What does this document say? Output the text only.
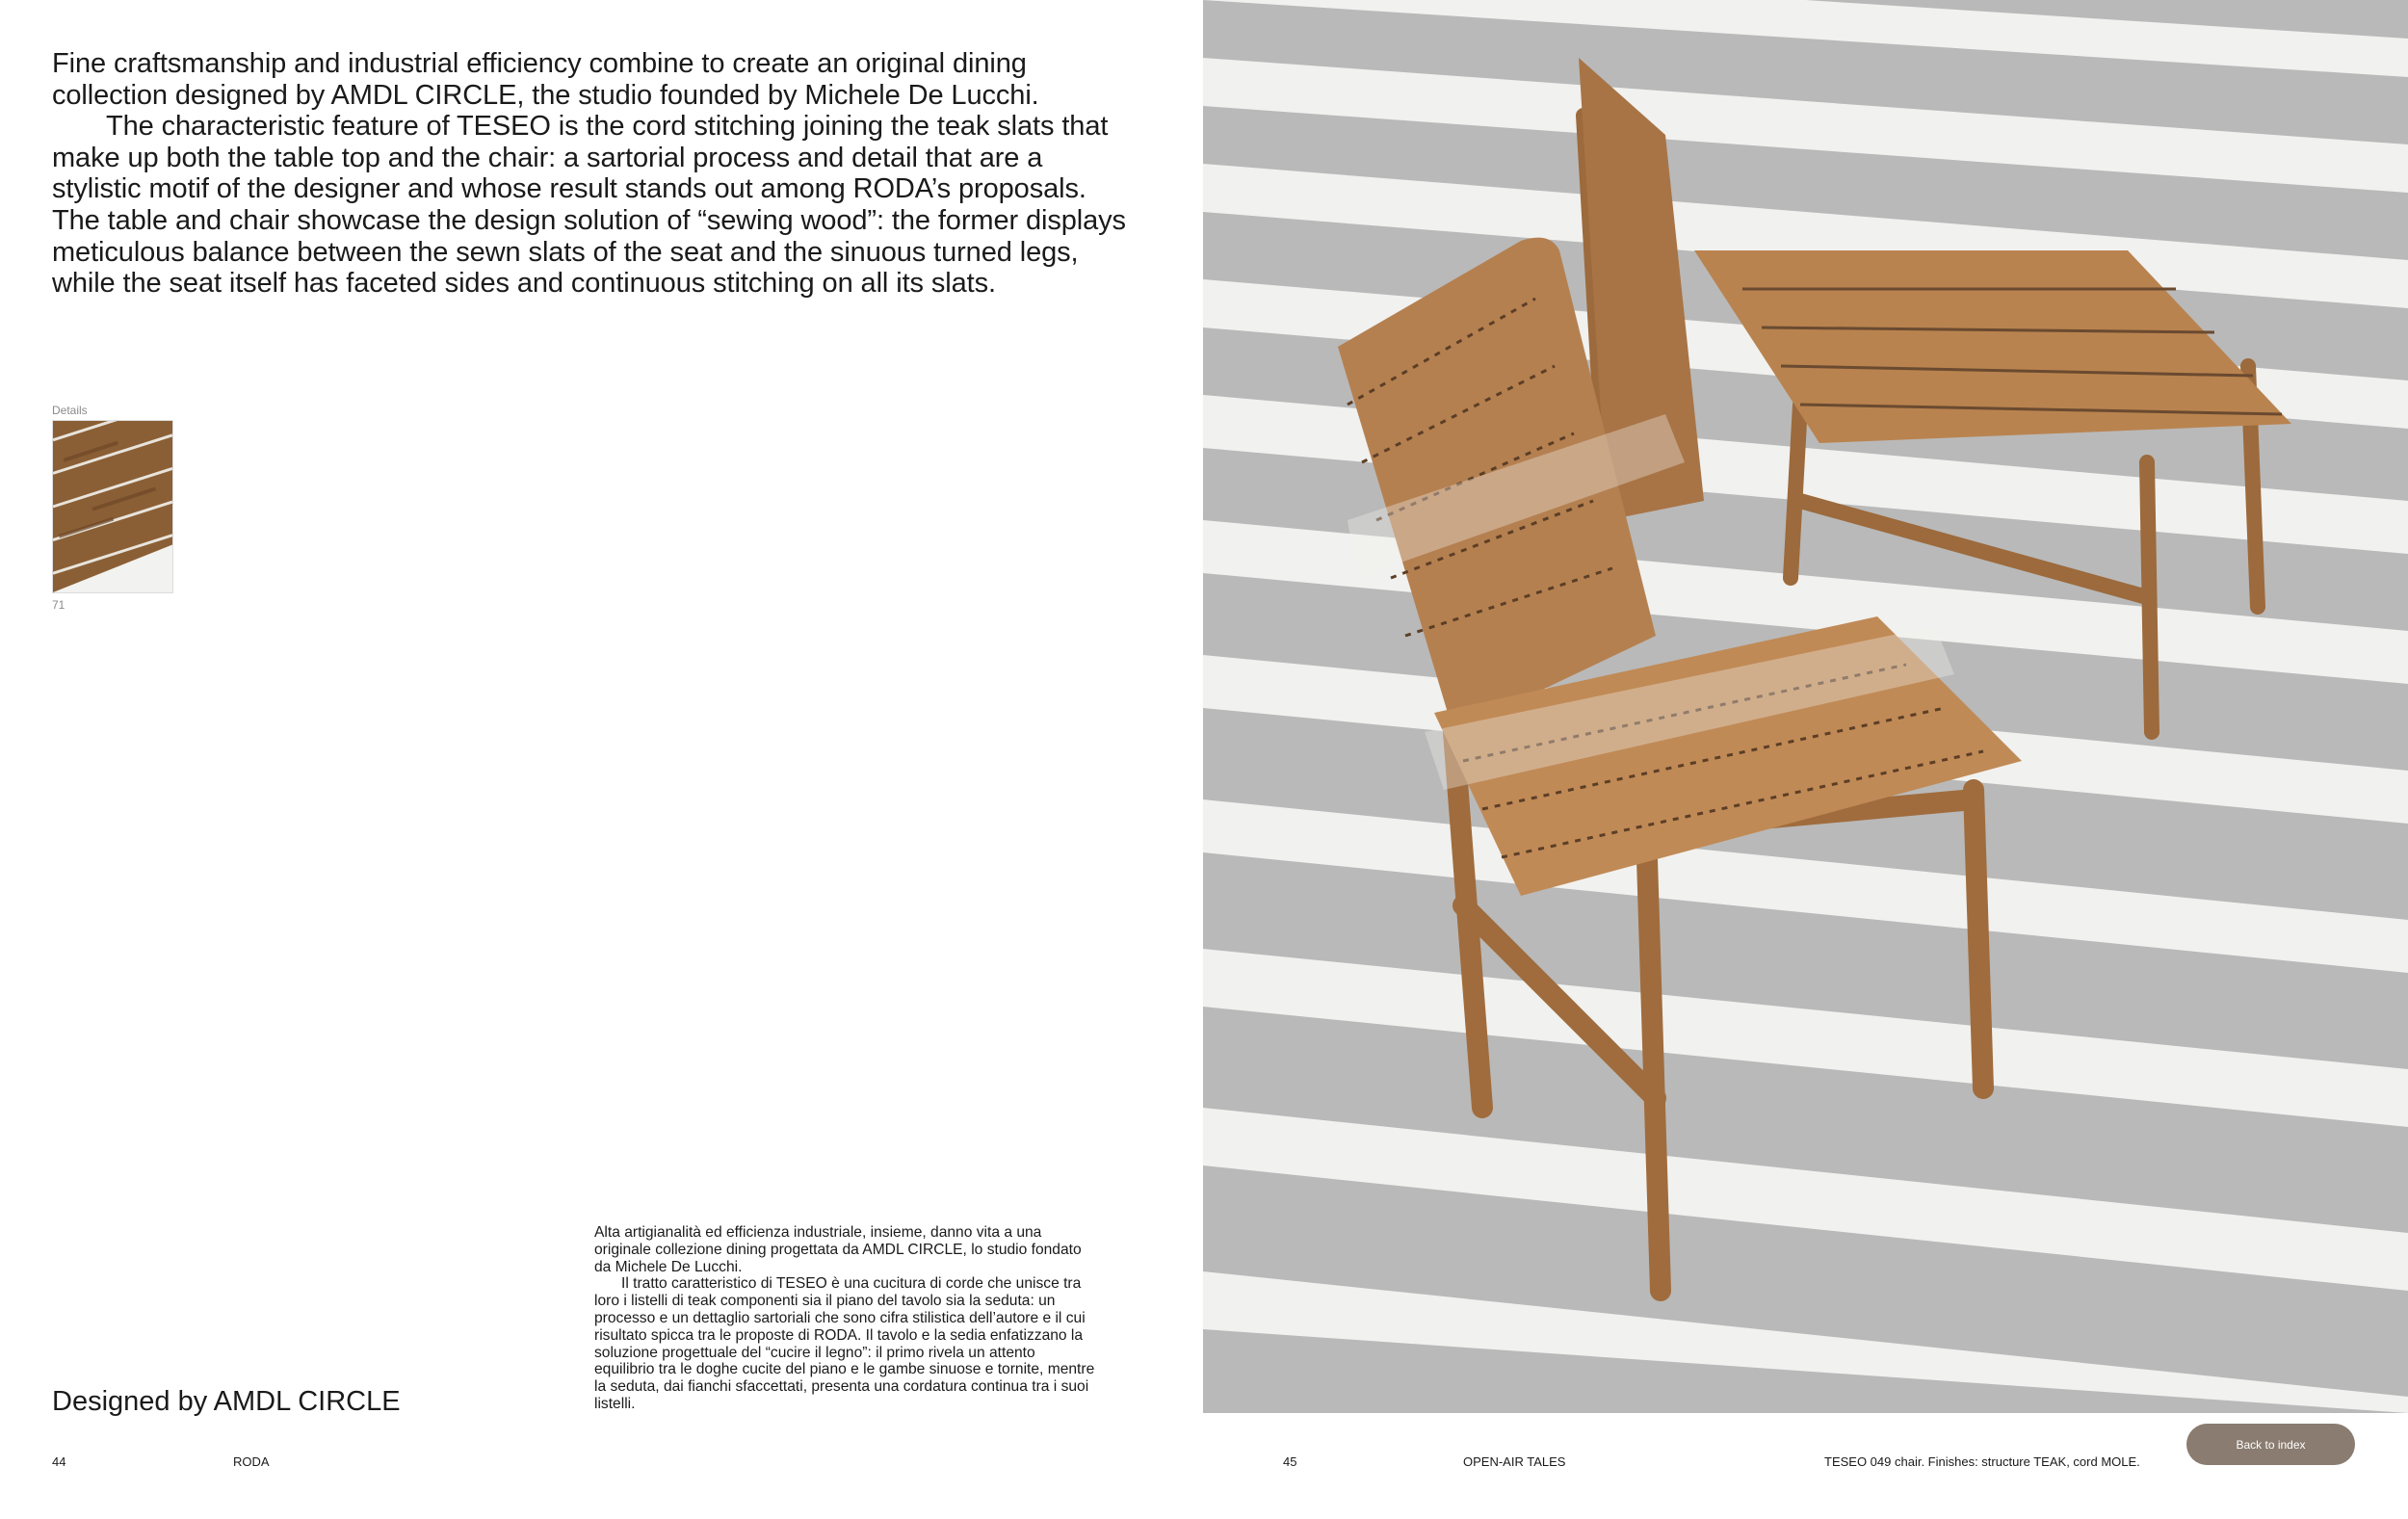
Fine craftsmanship and industrial efficiency combine to create an original dining collection designed by AMDL CIRCLE, the studio founded by Michele De Lucchi.

The characteristic feature of TESEO is the cord stitching joining the teak slats that make up both the table top and the chair: a sartorial process and detail that are a stylistic motif of the designer and whose result stands out among RODA’s proposals. The table and chair showcase the design solution of “sewing wood”: the former displays meticulous balance between the sewn slats of the seat and the sinuous turned legs, while the seat itself has faceted sides and continuous stitching on all its slats.

Details
71

Alta artigianalità ed efficienza industriale, insieme, danno vita a una originale collezione dining progettata da AMDL CIRCLE, lo studio fondato da Michele De Lucchi.

Il tratto caratteristico di TESEO è una cucitura di corde che unisce tra loro i listelli di teak componenti sia il piano del tavolo sia la seduta: un processo e un dettaglio sartoriali che sono cifra stilistica dell’autore e il cui risultato spicca tra le proposte di RODA. Il tavolo e la sedia enfatizzano la soluzione progettuale del “cucire il legno”: il primo rivela un attento equilibrio tra le doghe cucite del piano e le gambe sinuose e tornite, mentre la seduta, dai fianchi sfaccettati, presenta una cordatura continua tra i suoi listelli.

Designed by AMDL CIRCLE
44	RODA	45	OPEN-AIR TALES	TESEO 049 chair. Finishes: structure TEAK, cord MOLE.
Back to index
